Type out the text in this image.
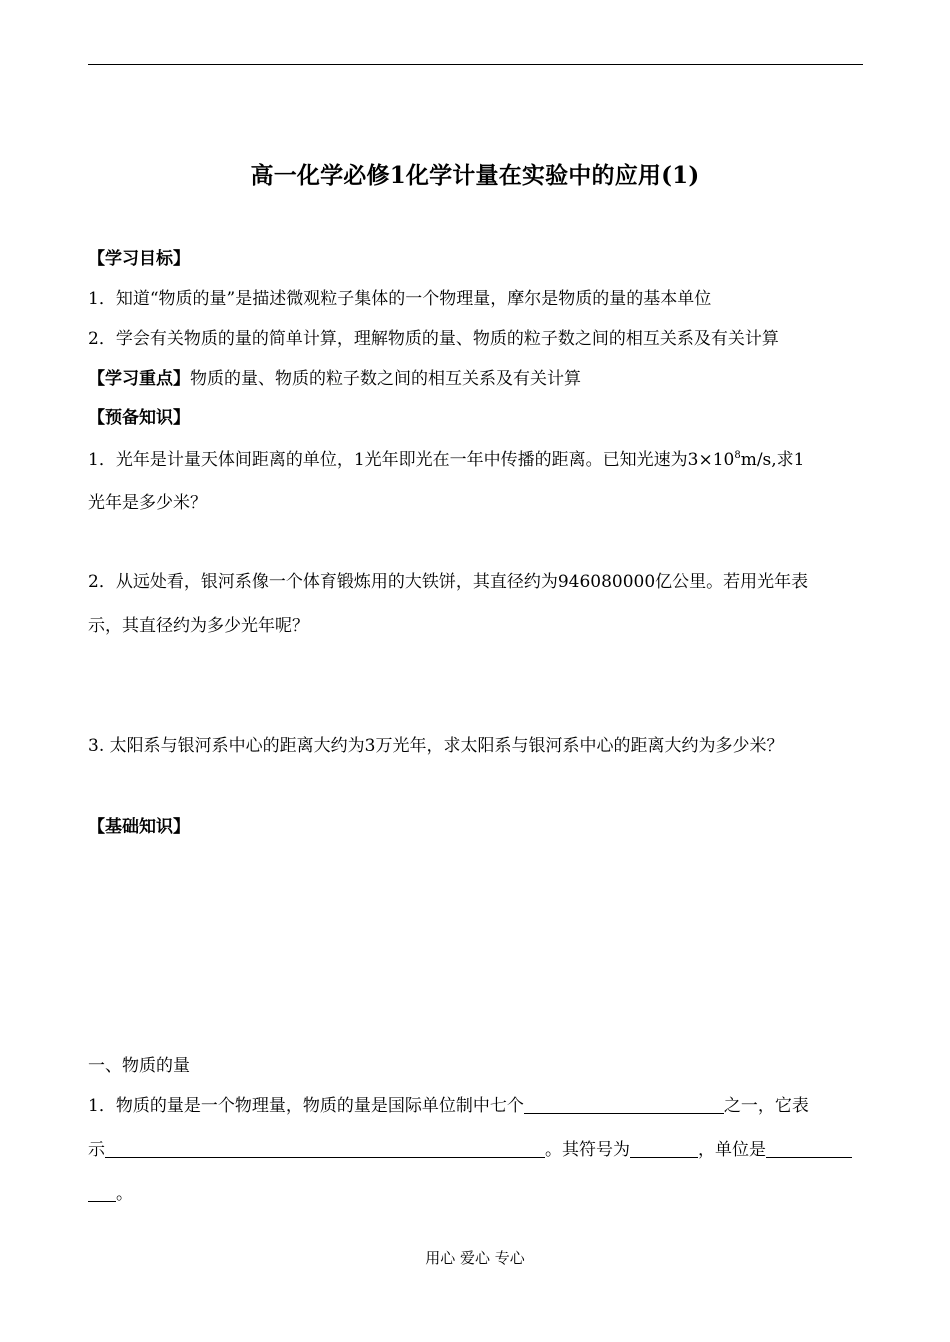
高一化学必修1化学计量在实验中的应用(1)
【学习目标】
1．知道“物质的量”是描述微观粒子集体的一个物理量，摩尔是物质的量的基本单位
2．学会有关物质的量的简单计算，理解物质的量、物质的粒子数之间的相互关系及有关计算
【学习重点】物质的量、物质的粒子数之间的相互关系及有关计算
【预备知识】
1．光年是计量天体间距离的单位，1光年即光在一年中传播的距离。已知光速为$3\times 10^8m/s$,求1
光年是多少米？
2．从远处看，银河系像一个体育锻炼用的大铁饼，其直径约为946080000亿公里。若用光年表
示，其直径约为多少光年呢？
3. 太阳系与银河系中心的距离大约为3万光年，求太阳系与银河系中心的距离大约为多少米？
【基础知识】
一、物质的量
1．物质的量是一个物理量，物质的量是国际单位制中七个	之一，它表
示	。其符号为	，单位是
。
用心 爱心 专心
